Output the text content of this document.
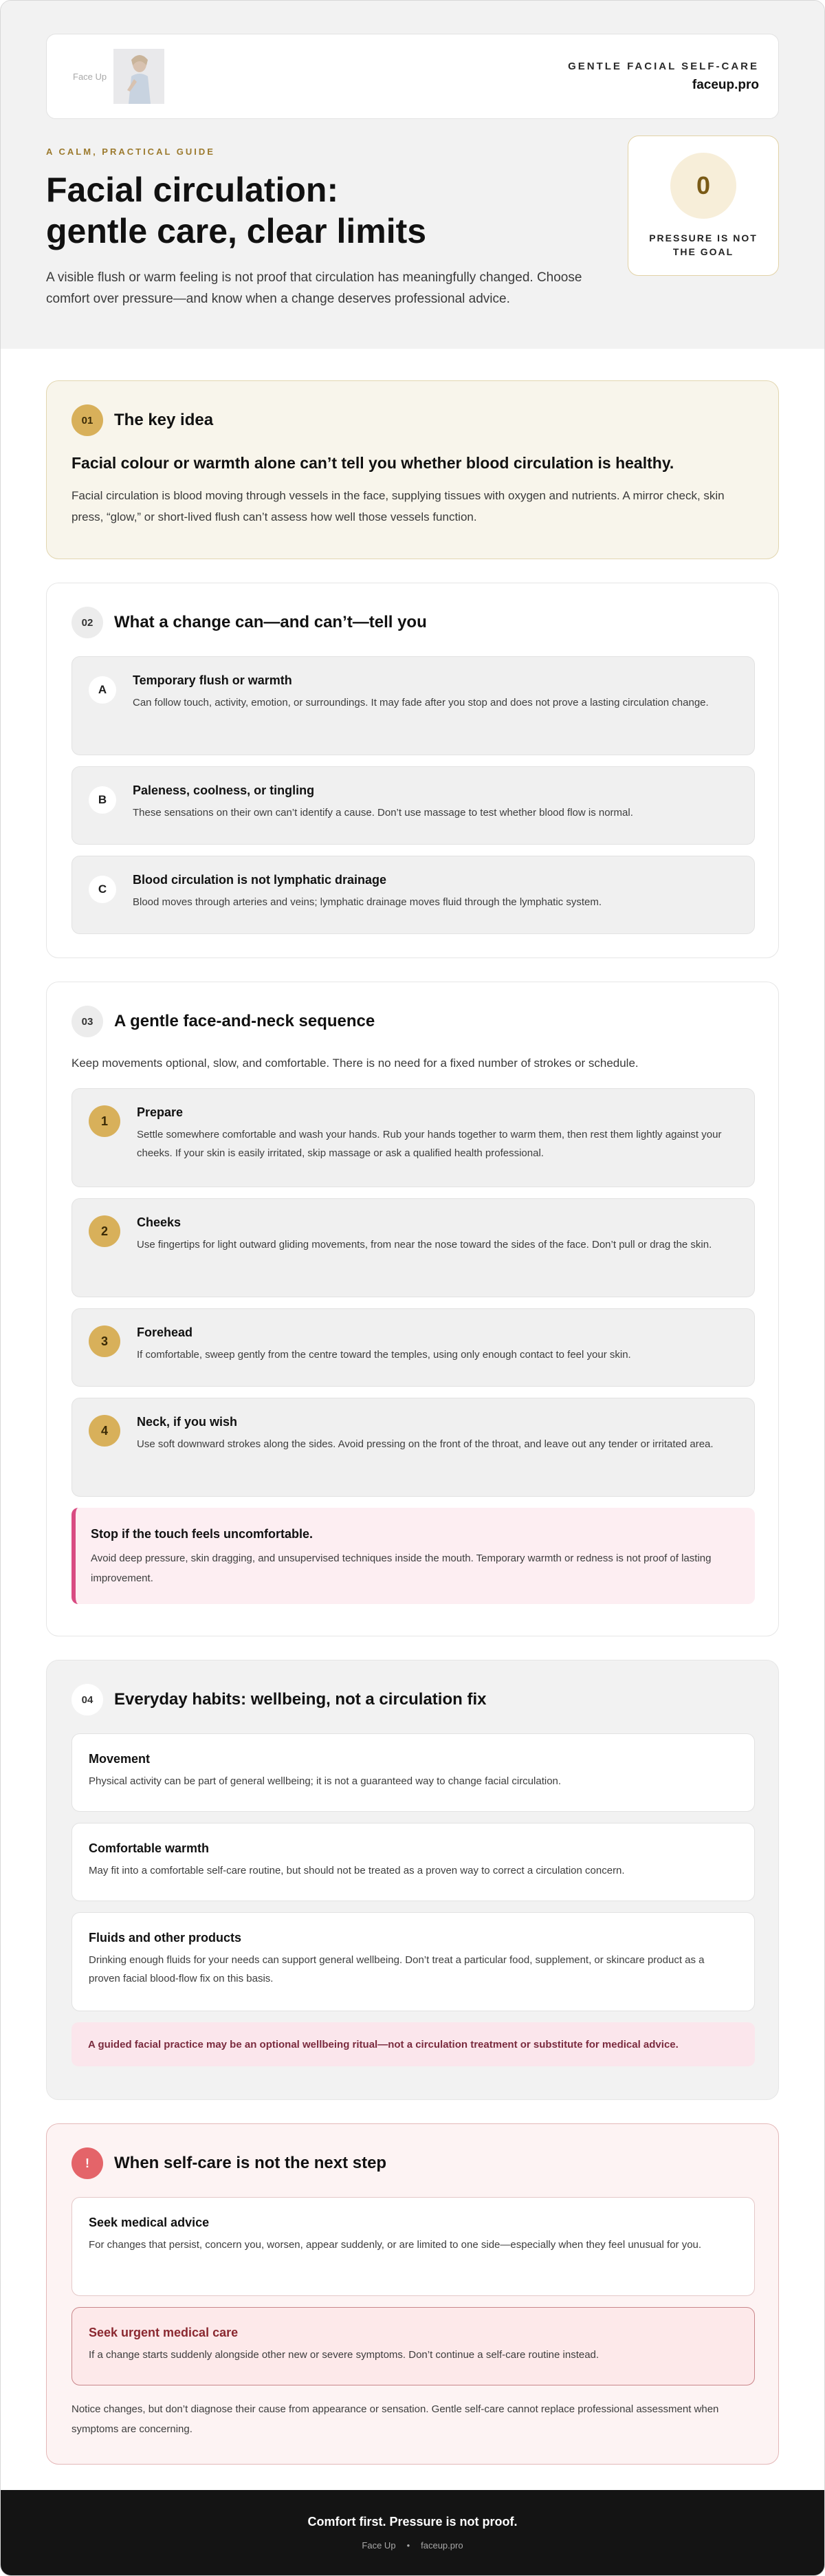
Face Up
GENTLE FACIAL SELF-CARE
faceup.pro
A CALM, PRACTICAL GUIDE
Facial circulation:
gentle care, clear limits

A visible flush or warm feeling is not proof that circulation has meaningfully changed. Choose comfort over pressure—and know when a change deserves professional advice.

0
PRESSURE IS NOT THE GOAL
01	The key idea

Facial colour or warmth alone can’t tell you whether blood circulation is healthy.

Facial circulation is blood moving through vessels in the face, supplying tissues with oxygen and nutrients. A mirror check, skin press, “glow,” or short-lived flush can’t assess how well those vessels function.

02	What a change can—and can’t—tell you
A
Temporary flush or warmth
Can follow touch, activity, emotion, or surroundings. It may fade after you stop and does not prove a lasting circulation change.
B
Paleness, coolness, or tingling
These sensations on their own can’t identify a cause. Don’t use massage to test whether blood flow is normal.
C
Blood circulation is not lymphatic drainage
Blood moves through arteries and veins; lymphatic drainage moves fluid through the lymphatic system.
03	A gentle face-and-neck sequence

Keep movements optional, slow, and comfortable. There is no need for a fixed number of strokes or schedule.

1
Prepare
Settle somewhere comfortable and wash your hands. Rub your hands together to warm them, then rest them lightly against your cheeks. If your skin is easily irritated, skip massage or ask a qualified health professional.
2
Cheeks
Use fingertips for light outward gliding movements, from near the nose toward the sides of the face. Don’t pull or drag the skin.
3
Forehead
If comfortable, sweep gently from the centre toward the temples, using only enough contact to feel your skin.
4
Neck, if you wish
Use soft downward strokes along the sides. Avoid pressing on the front of the throat, and leave out any tender or irritated area.
Stop if the touch feels uncomfortable.
Avoid deep pressure, skin dragging, and unsupervised techniques inside the mouth. Temporary warmth or redness is not proof of lasting improvement.
04	Everyday habits: wellbeing, not a circulation fix
Movement
Physical activity can be part of general wellbeing; it is not a guaranteed way to change facial circulation.
Comfortable warmth
May fit into a comfortable self-care routine, but should not be treated as a proven way to correct a circulation concern.
Fluids and other products
Drinking enough fluids for your needs can support general wellbeing. Don’t treat a particular food, supplement, or skincare product as a proven facial blood-flow fix on this basis.
A guided facial practice may be an optional wellbeing ritual—not a circulation treatment or substitute for medical advice.
!	When self-care is not the next step
Seek medical advice
For changes that persist, concern you, worsen, appear suddenly, or are limited to one side—especially when they feel unusual for you.
Seek urgent medical care
If a change starts suddenly alongside other new or severe symptoms. Don’t continue a self-care routine instead.

Notice changes, but don’t diagnose their cause from appearance or sensation. Gentle self-care cannot replace professional assessment when symptoms are concerning.

Comfort first. Pressure is not proof.
Face Up • faceup.pro
